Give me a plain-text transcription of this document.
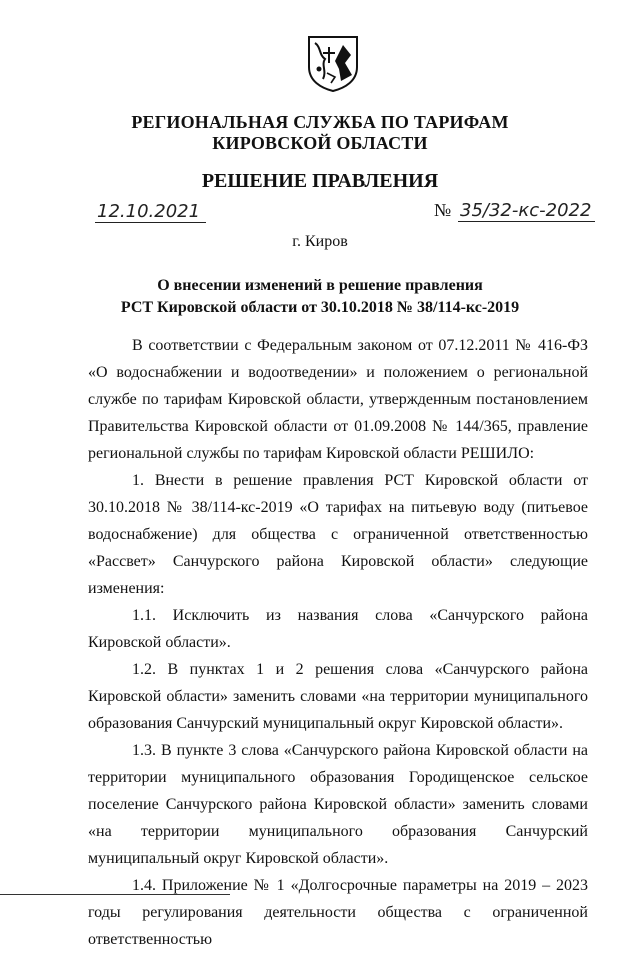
РЕГИОНАЛЬНАЯ СЛУЖБА ПО ТАРИФАМ
КИРОВСКОЙ ОБЛАСТИ
РЕШЕНИЕ ПРАВЛЕНИЯ
12.10.2021	№ 35/32-кс-2022
г. Киров
О внесении изменений в решение правления
РСТ Кировской области от 30.10.2018 № 38/114-кс-2019

В соответствии с Федеральным законом от 07.12.2011 № 416-ФЗ «О водоснабжении и водоотведении» и положением о региональной службе по тарифам Кировской области, утвержденным постановлением Правительства Кировской области от 01.09.2008 № 144/365, правление региональной службы по тарифам Кировской области РЕШИЛО:

1. Внести в решение правления РСТ Кировской области от 30.10.2018 № 38/114-кс-2019 «О тарифах на питьевую воду (питьевое водоснабжение) для общества с ограниченной ответственностью «Рассвет» Санчурского района Кировской области» следующие изменения:

1.1. Исключить из названия слова «Санчурского района Кировской области».

1.2. В пунктах 1 и 2 решения слова «Санчурского района Кировской области» заменить словами «на территории муниципального образования Санчурский муниципальный округ Кировской области».

1.3. В пункте 3 слова «Санчурского района Кировской области на территории муниципального образования Городищенское сельское поселение Санчурского района Кировской области» заменить словами «на территории муниципального образования Санчурский муниципальный округ Кировской области».

1.4. Приложение № 1 «Долгосрочные параметры на 2019 – 2023 годы регулирования деятельности общества с ограниченной ответственностью
